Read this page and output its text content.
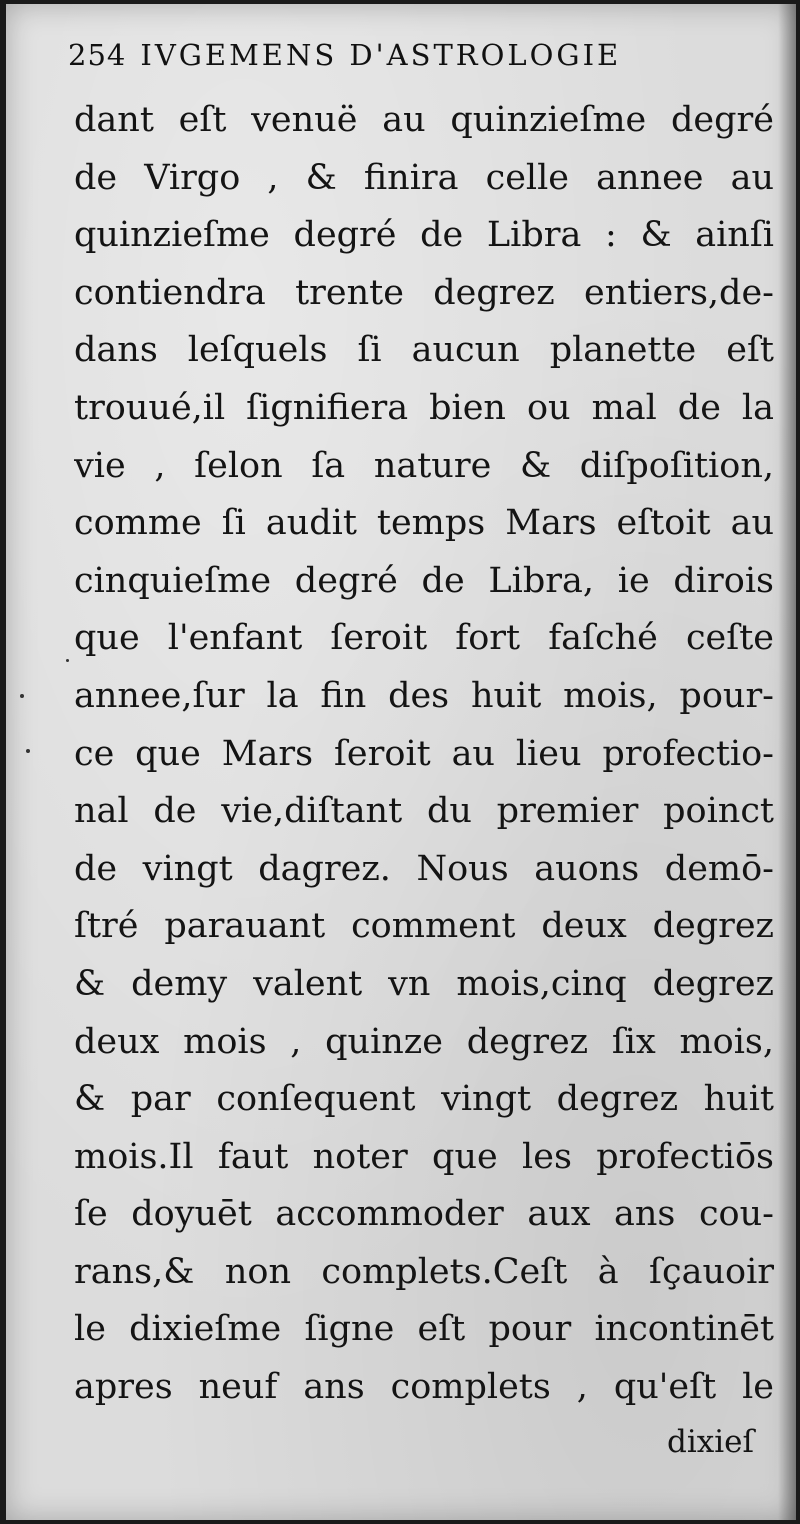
254 IVGEMENS D'ASTROLOGIE
dant eſt venuë au quinzieſme degré
de Virgo , & finira celle annee au
quinzieſme degré de Libra : & ainſi
contiendra trente degrez entiers,de-
dans leſquels ſi aucun planette eſt
trouué,il ſignifiera bien ou mal de la
vie , ſelon ſa nature & diſpoſition,
comme ſi audit temps Mars eſtoit au
cinquieſme degré de Libra, ie dirois
que l'enfant ſeroit fort faſché ceſte
annee,ſur la fin des huit mois, pour-
ce que Mars ſeroit au lieu profectio-
nal de vie,diſtant du premier poinct
de vingt dagrez. Nous auons demō-
ſtré parauant comment deux degrez
& demy valent vn mois,cinq degrez
deux mois , quinze degrez ſix mois,
& par conſequent vingt degrez huit
mois.Il faut noter que les profectiōs
ſe doyuēt accommoder aux ans cou-
rans,& non complets.Ceſt à ſçauoir
le dixieſme ſigne eſt pour incontinēt
apres neuf ans complets , qu'eſt le
dixieſ
